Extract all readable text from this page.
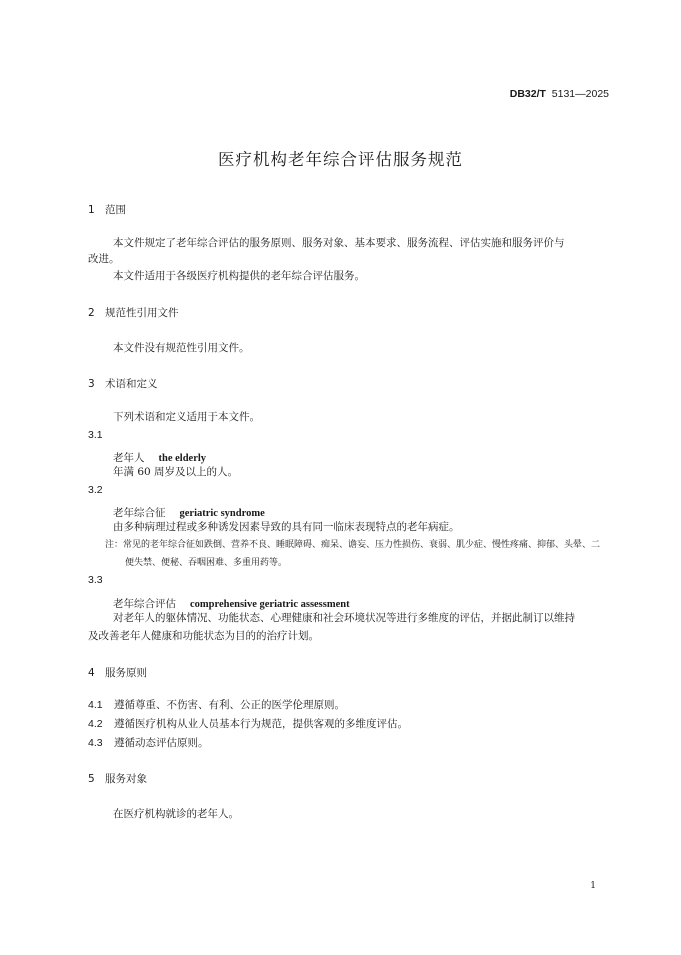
DB32/T 5131—2025
医疗机构老年综合评估服务规范
1 范围
本文件规定了老年综合评估的服务原则、服务对象、基本要求、服务流程、评估实施和服务评价与
改进。
本文件适用于各级医疗机构提供的老年综合评估服务。
2 规范性引用文件
本文件没有规范性引用文件。
3 术语和定义
下列术语和定义适用于本文件。
3.1
老年人 the elderly
年满 60 周岁及以上的人。
3.2
老年综合征 geriatric syndrome
由多种病理过程或多种诱发因素导致的具有同一临床表现特点的老年病症。
注：常见的老年综合征如跌倒、营养不良、睡眠障碍、痴呆、谵妄、压力性损伤、衰弱、肌少症、慢性疼痛、抑郁、头晕、二
便失禁、便秘、吞咽困难、多重用药等。
3.3
老年综合评估 comprehensive geriatric assessment
对老年人的躯体情况、功能状态、心理健康和社会环境状况等进行多维度的评估，并据此制订以维持
及改善老年人健康和功能状态为目的的治疗计划。
4 服务原则
4.1 遵循尊重、不伤害、有利、公正的医学伦理原则。
4.2 遵循医疗机构从业人员基本行为规范，提供客观的多维度评估。
4.3 遵循动态评估原则。
5 服务对象
在医疗机构就诊的老年人。
1
